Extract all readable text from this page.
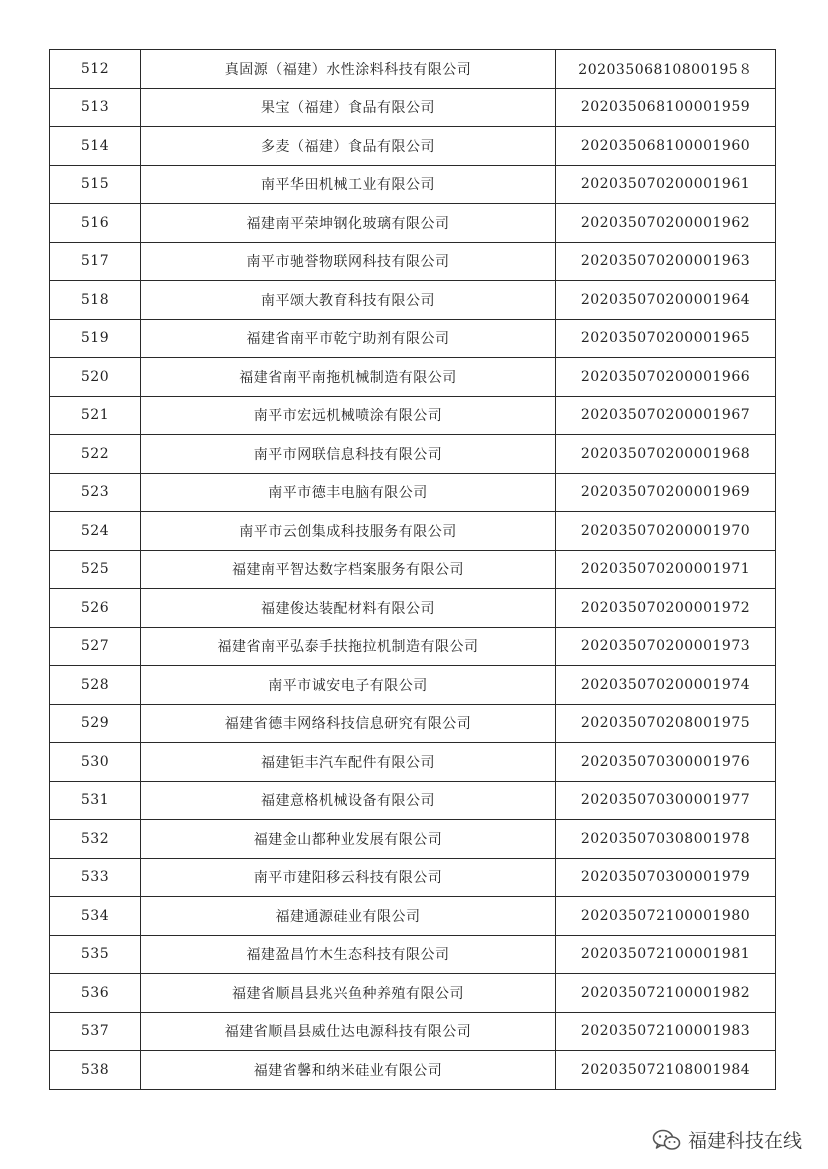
512	真固源（福建）水性涂料科技有限公司	20203506810800195８
513	果宝（福建）食品有限公司	202035068100001959
514	多麦（福建）食品有限公司	202035068100001960
515	南平华田机械工业有限公司	202035070200001961
516	福建南平荣坤钢化玻璃有限公司	202035070200001962
517	南平市驰誉物联网科技有限公司	202035070200001963
518	南平颂大教育科技有限公司	202035070200001964
519	福建省南平市乾宁助剂有限公司	202035070200001965
520	福建省南平南拖机械制造有限公司	202035070200001966
521	南平市宏远机械喷涂有限公司	202035070200001967
522	南平市网联信息科技有限公司	202035070200001968
523	南平市德丰电脑有限公司	202035070200001969
524	南平市云创集成科技服务有限公司	202035070200001970
525	福建南平智达数字档案服务有限公司	202035070200001971
526	福建俊达装配材料有限公司	202035070200001972
527	福建省南平弘泰手扶拖拉机制造有限公司	202035070200001973
528	南平市诚安电子有限公司	202035070200001974
529	福建省德丰网络科技信息研究有限公司	202035070208001975
530	福建钜丰汽车配件有限公司	202035070300001976
531	福建意格机械设备有限公司	202035070300001977
532	福建金山都种业发展有限公司	202035070308001978
533	南平市建阳移云科技有限公司	202035070300001979
534	福建通源硅业有限公司	202035072100001980
535	福建盈昌竹木生态科技有限公司	202035072100001981
536	福建省顺昌县兆兴鱼种养殖有限公司	202035072100001982
537	福建省顺昌县威仕达电源科技有限公司	202035072100001983
538	福建省馨和纳米硅业有限公司	202035072108001984
福建科技在线
